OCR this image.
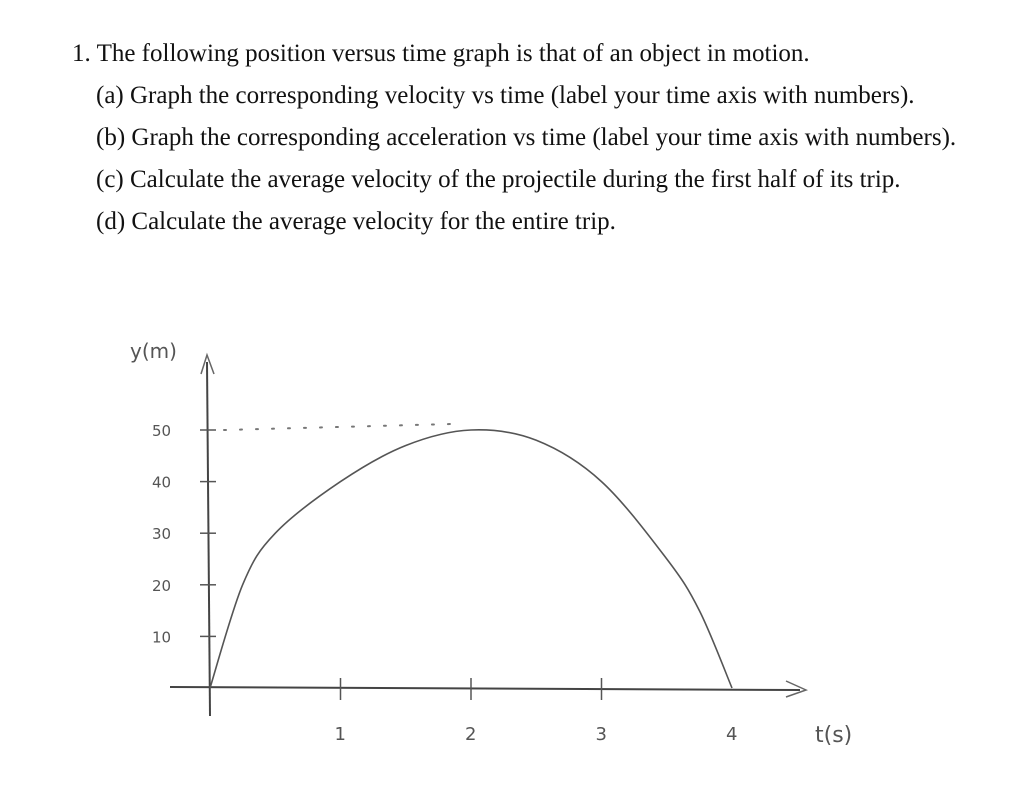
1. The following position versus time graph is that of an object in motion.

(a) Graph the corresponding velocity vs time (label your time axis with numbers).

(b) Graph the corresponding acceleration vs time (label your time axis with numbers).

(c) Calculate the average velocity of the projectile during the first half of its trip.

(d) Calculate the average velocity for the entire trip.

y(m)
t(s)
10
20
30
40
50
1	2	3	4
